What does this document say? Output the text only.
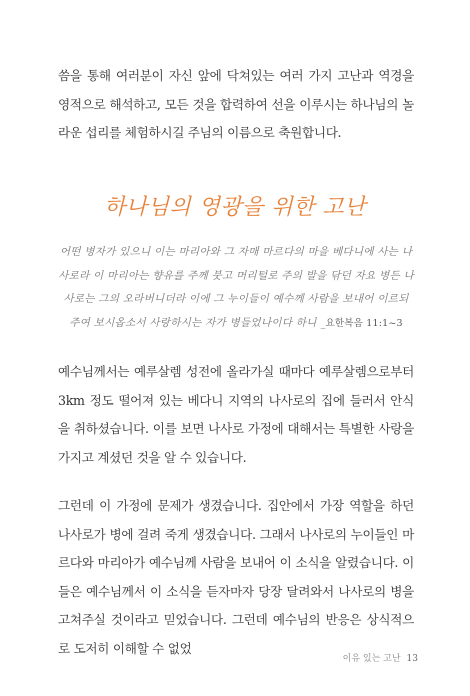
씀을 통해 여러분이 자신 앞에 닥쳐있는 여러 가지 고난과 역경을 영적으로 해석하고, 모든 것을 합력하여 선을 이루시는 하나님의 놀라운 섭리를 체험하시길 주님의 이름으로 축원합니다.

하나님의 영광을 위한 고난

어떤 병자가 있으니 이는 마리아와 그 자매 마르다의 마을 베다니에 사는 나사로라 이 마리아는 향유를 주께 붓고 머리털로 주의 발을 닦던 자요 병든 나사로는 그의 오라버니더라 이에 그 누이들이 예수께 사람을 보내어 이르되 주여 보시옵소서 사랑하시는 자가 병들었나이다 하니 _요한복음 11:1~3

예수님께서는 예루살렘 성전에 올라가실 때마다 예루살렘으로부터 3km 정도 떨어져 있는 베다니 지역의 나사로의 집에 들러서 안식을 취하셨습니다. 이를 보면 나사로 가정에 대해서는 특별한 사랑을 가지고 계셨던 것을 알 수 있습니다.

그런데 이 가정에 문제가 생겼습니다. 집안에서 가장 역할을 하던 나사로가 병에 걸려 죽게 생겼습니다. 그래서 나사로의 누이들인 마르다와 마리아가 예수님께 사람을 보내어 이 소식을 알렸습니다. 이들은 예수님께서 이 소식을 듣자마자 당장 달려와서 나사로의 병을 고쳐주실 것이라고 믿었습니다. 그런데 예수님의 반응은 상식적으로 도저히 이해할 수 없었

이유 있는 고난 13
